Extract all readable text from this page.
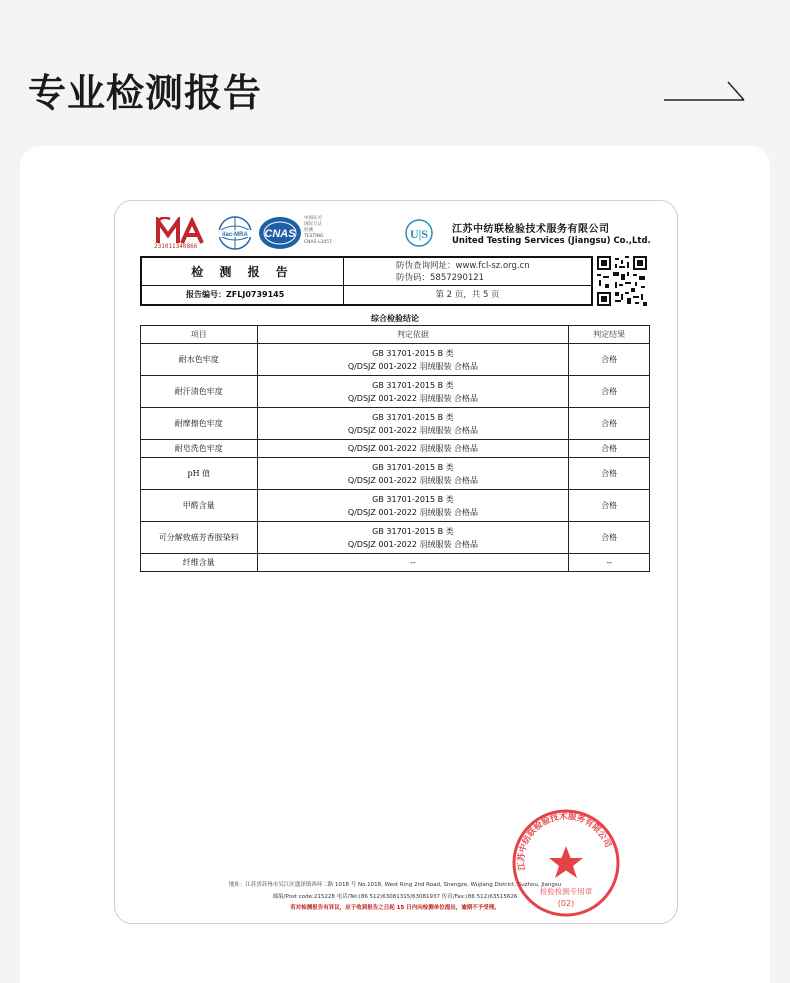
专业检测报告
231011340866
ilac-MRA CNAS
中国认可
国际互认
检测
TESTING
CNAS L3457
U|S 江苏中纺联检验技术服务有限公司
United Testing Services (Jiangsu) Co.,Ltd.
检 测 报 告	防伪查询网址：www.fcl-sz.org.cn
防伪码：5857290121
报告编号：ZFLJ0739145	第 2 页，共 5 页
综合检验结论
项目	判定依据	判定结果
耐水色牢度	GB 31701-2015 B 类
Q/DSJZ 001-2022 羽绒服装 合格品	合格
耐汗渍色牢度	GB 31701-2015 B 类
Q/DSJZ 001-2022 羽绒服装 合格品	合格
耐摩擦色牢度	GB 31701-2015 B 类
Q/DSJZ 001-2022 羽绒服装 合格品	合格
耐皂洗色牢度	Q/DSJZ 001-2022 羽绒服装 合格品	合格
pH 值	GB 31701-2015 B 类
Q/DSJZ 001-2022 羽绒服装 合格品	合格
甲醛含量	GB 31701-2015 B 类
Q/DSJZ 001-2022 羽绒服装 合格品	合格
可分解致癌芳香胺染料	GB 31701-2015 B 类
Q/DSJZ 001-2022 羽绒服装 合格品	合格
纤维含量	--	--
地址：江苏省苏州市吴江区盛泽镇西环二路 1018 号 No.1018, West Ring 2nd Road, Shengze, Wujiang District, Suzhou, Jiangsu
邮编/Post code:215228 电话/Tel:(86 512)63081315/63081937 传真/Fax:(86 512)63515626
若对检测报告有异议，应于收到报告之日起 15 日内向检测单位提出，逾期不予受理。	(02)
江苏中纺联检验技术服务有限公司
检验检测专用章
